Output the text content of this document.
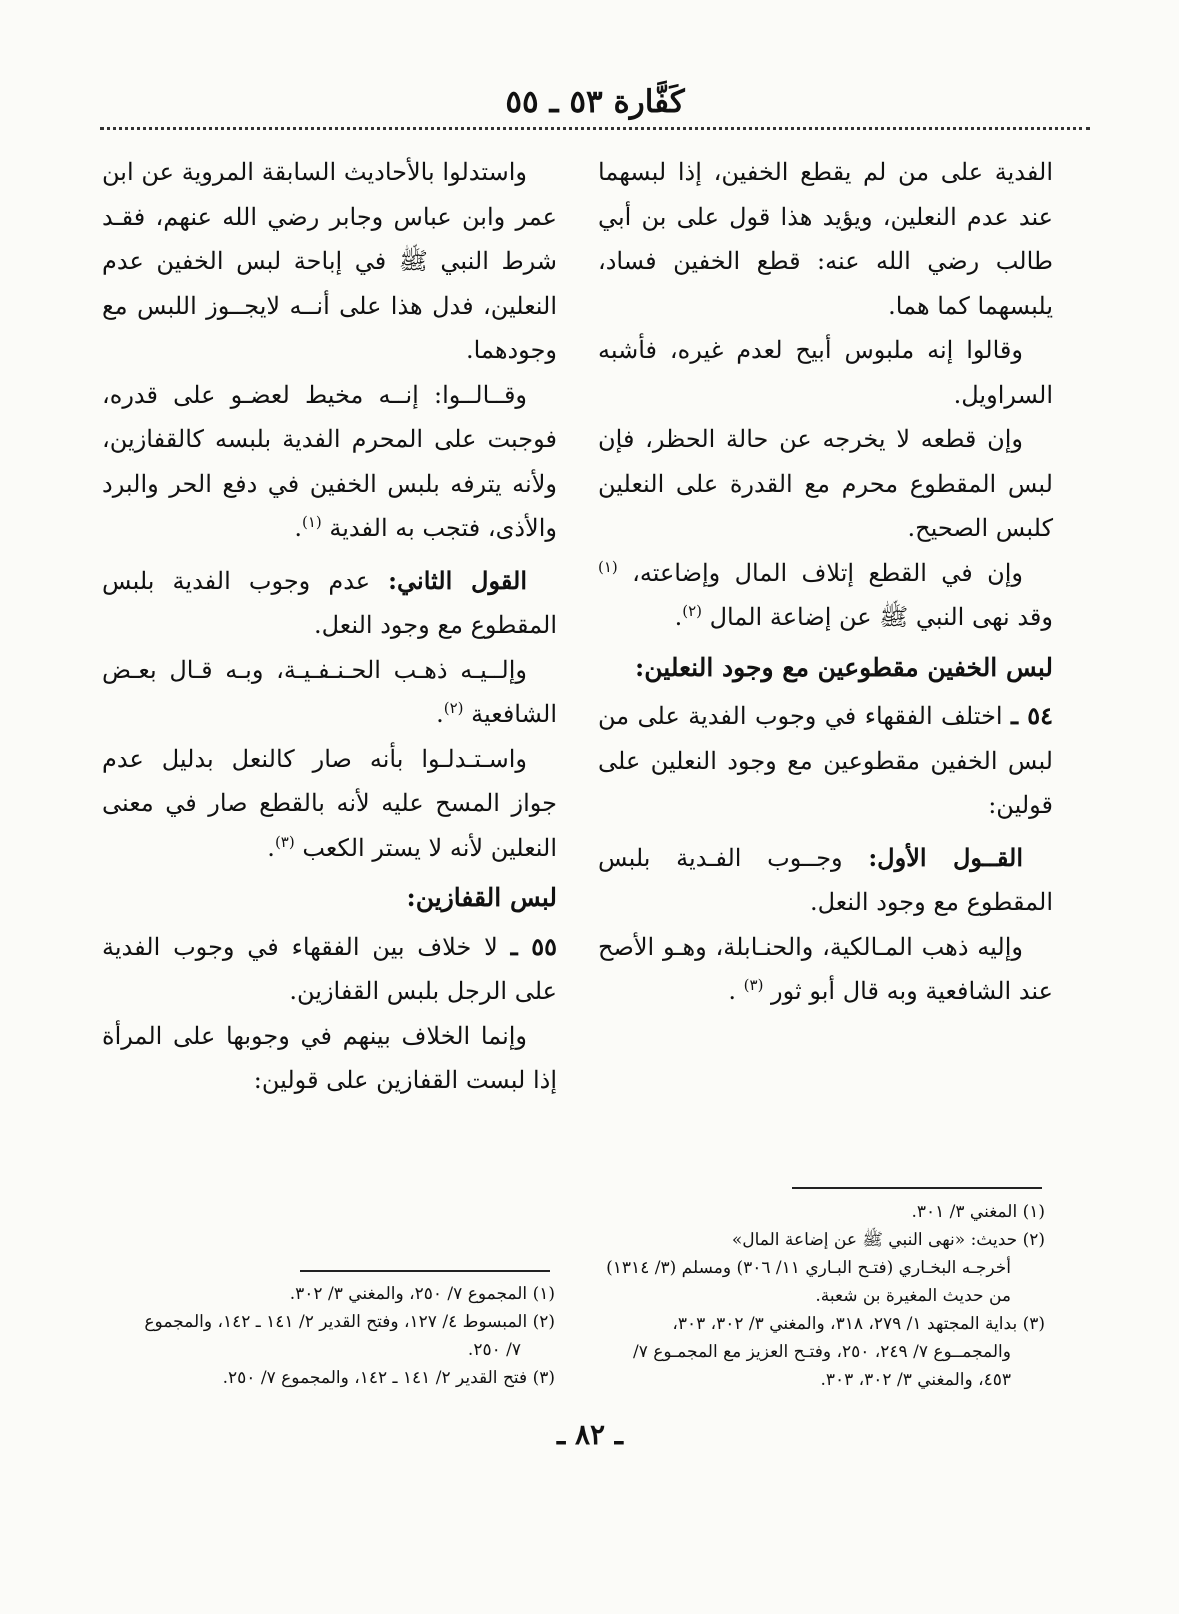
كَفَّارة ٥٣ ـ ٥٥

الفدية على من لم يقطع الخفين، إذا لبسهما عند عدم النعلين، ويؤيد هذا قول على بن أبي طالب رضي الله عنه: قطع الخفين فساد، يلبسهما كما هما.

وقالوا إنه ملبوس أبيح لعدم غيره، فأشبه السراويل.

وإن قطعه لا يخرجه عن حالة الحظر، فإن لبس المقطوع محرم مع القدرة على النعلين كلبس الصحيح.

وإن في القطع إتلاف المال وإضاعته، $^{(١)}$ وقد نهى النبي ﷺ عن إضاعة المال $^{(٢)}$.

لبس الخفين مقطوعين مع وجود النعلين:

٥٤ ـ اختلف الفقهاء في وجوب الفدية على من لبس الخفين مقطوعين مع وجود النعلين على قولين:

القــول الأول: وجــوب الفـدية بلبس المقطوع مع وجود النعل.

وإليه ذهب المـالكية، والحنـابلة، وهـو الأصح عند الشافعية وبه قال أبو ثور $^{(٣)}$ .

واستدلوا بالأحاديث السابقة المروية عن ابن عمر وابن عباس وجابر رضي الله عنهم، فقـد شرط النبي ﷺ في إباحة لبس الخفين عدم النعلين، فدل هذا على أنــه لايجــوز اللبس مع وجودهما.

وقــالــوا: إنــه مخيط لعضـو على قدره، فوجبت على المحرم الفدية بلبسه كالقفازين، ولأنه يترفه بلبس الخفين في دفع الحر والبرد والأذى، فتجب به الفدية $^{(١)}$.

القول الثاني: عدم وجوب الفدية بلبس المقطوع مع وجود النعل.

وإلــيـه ذهـب الحـنـفـيـة، وبـه قـال بعـض الشافعية $^{(٢)}$.

واسـتـدلـوا بأنه صار كالنعل بدليل عدم جواز المسح عليه لأنه بالقطع صار في معنى النعلين لأنه لا يستر الكعب $^{(٣)}$.

لبس القفازين:

٥٥ ـ لا خلاف بين الفقهاء في وجوب الفدية على الرجل بلبس القفازين.

وإنما الخلاف بينهم في وجوبها على المرأة إذا لبست القفازين على قولين:

(١) المغني ٣/ ٣٠١.
(٢) حديث: «نهى النبي ﷺ عن إضاعة المال»
أخرجـه البخـاري (فتـح البـاري ١١/ ٣٠٦) ومسلم (٣/ ١٣١٤) من حديث المغيرة بن شعبة.
(٣) بداية المجتهد ١/ ٢٧٩، ٣١٨، والمغني ٣/ ٣٠٢، ٣٠٣،
والمجمــوع ٧/ ٢٤٩، ٢٥٠، وفتـح العزيز مع المجمـوع ٧/ ٤٥٣، والمغني ٣/ ٣٠٢، ٣٠٣.
(١) المجموع ٧/ ٢٥٠، والمغني ٣/ ٣٠٢.
(٢) المبسوط ٤/ ١٢٧، وفتح القدير ٢/ ١٤١ ـ ١٤٢، والمجموع
٧/ ٢٥٠.
(٣) فتح القدير ٢/ ١٤١ ـ ١٤٢، والمجموع ٧/ ٢٥٠.
ـ ٨٢ ـ
